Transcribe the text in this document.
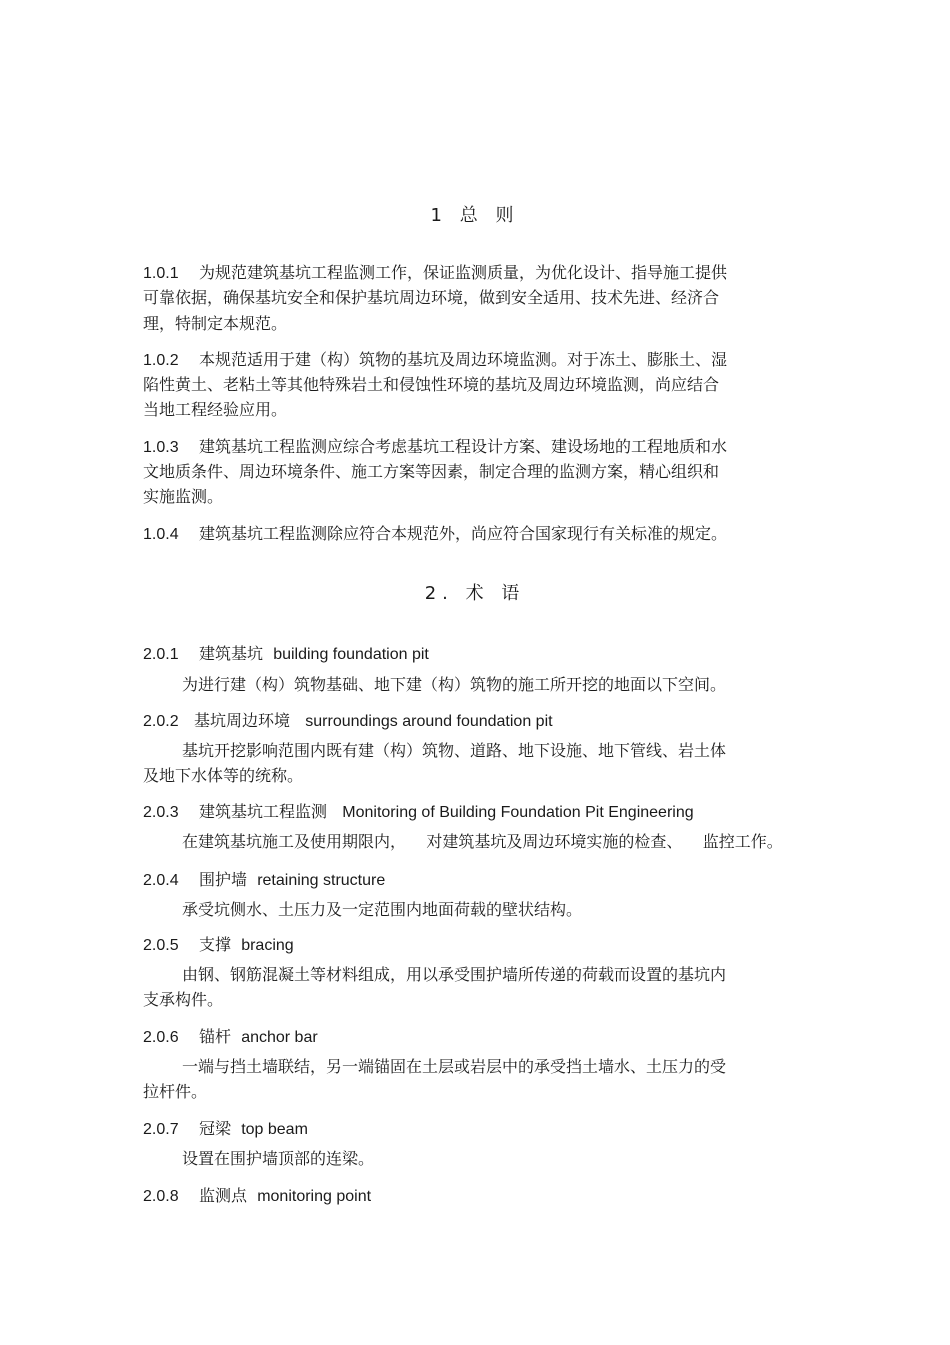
1 总 则
1.0.1 为规范建筑基坑工程监测工作，保证监测质量，为优化设计、指导施工提供
可靠依据，确保基坑安全和保护基坑周边环境，做到安全适用、技术先进、经济合
理，特制定本规范。
1.0.2 本规范适用于建（构）筑物的基坑及周边环境监测。对于冻土、膨胀土、湿
陷性黄土、老粘土等其他特殊岩土和侵蚀性环境的基坑及周边环境监测，尚应结合
当地工程经验应用。
1.0.3 建筑基坑工程监测应综合考虑基坑工程设计方案、建设场地的工程地质和水
文地质条件、周边环境条件、施工方案等因素，制定合理的监测方案，精心组织和
实施监测。
1.0.4 建筑基坑工程监测除应符合本规范外，尚应符合国家现行有关标准的规定。
2. 术 语
2.0.1 建筑基坑 building foundation pit
为进行建（构）筑物基础、地下建（构）筑物的施工所开挖的地面以下空间。
2.0.2 基坑周边环境 surroundings around foundation pit
基坑开挖影响范围内既有建（构）筑物、道路、地下设施、地下管线、岩土体
及地下水体等的统称。
2.0.3 建筑基坑工程监测 Monitoring of Building Foundation Pit Engineering
在建筑基坑施工及使用期限内，    对建筑基坑及周边环境实施的检查、    监控工作。
2.0.4 围护墙 retaining structure
承受坑侧水、土压力及一定范围内地面荷载的壁状结构。
2.0.5 支撑 bracing
由钢、钢筋混凝土等材料组成，用以承受围护墙所传递的荷载而设置的基坑内
支承构件。
2.0.6 锚杆 anchor bar
一端与挡土墙联结，另一端锚固在土层或岩层中的承受挡土墙水、土压力的受
拉杆件。
2.0.7 冠梁 top beam
设置在围护墙顶部的连梁。
2.0.8 监测点 monitoring point
